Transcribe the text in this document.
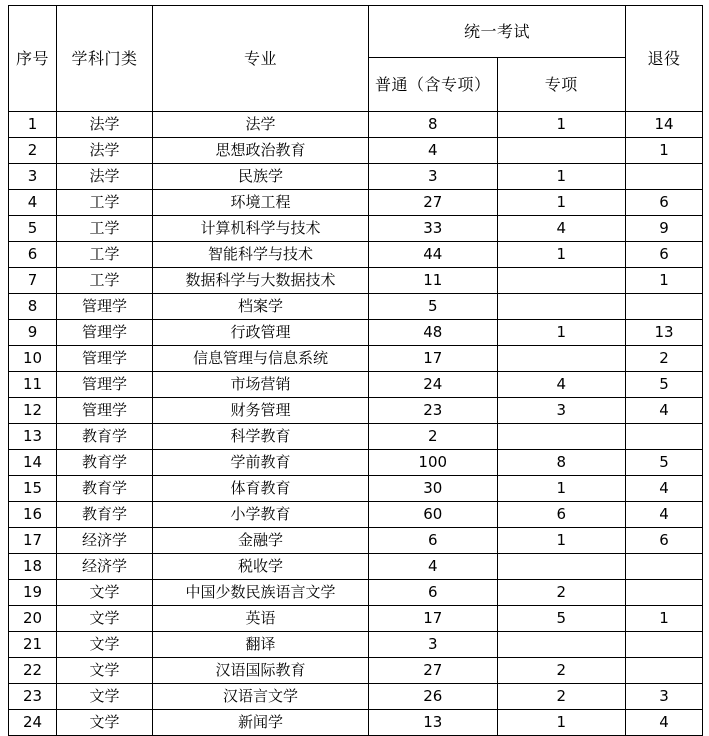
序号	学科门类	专业	统一考试		退役
			普通（含专项）	专项	
1	法学	法学	8	1	14
2	法学	思想政治教育	4		1
3	法学	民族学	3	1	
4	工学	环境工程	27	1	6
5	工学	计算机科学与技术	33	4	9
6	工学	智能科学与技术	44	1	6
7	工学	数据科学与大数据技术	11		1
8	管理学	档案学	5		
9	管理学	行政管理	48	1	13
10	管理学	信息管理与信息系统	17		2
11	管理学	市场营销	24	4	5
12	管理学	财务管理	23	3	4
13	教育学	科学教育	2		
14	教育学	学前教育	100	8	5
15	教育学	体育教育	30	1	4
16	教育学	小学教育	60	6	4
17	经济学	金融学	6	1	6
18	经济学	税收学	4		
19	文学	中国少数民族语言文学	6	2	
20	文学	英语	17	5	1
21	文学	翻译	3		
22	文学	汉语国际教育	27	2	
23	文学	汉语言文学	26	2	3
24	文学	新闻学	13	1	4
